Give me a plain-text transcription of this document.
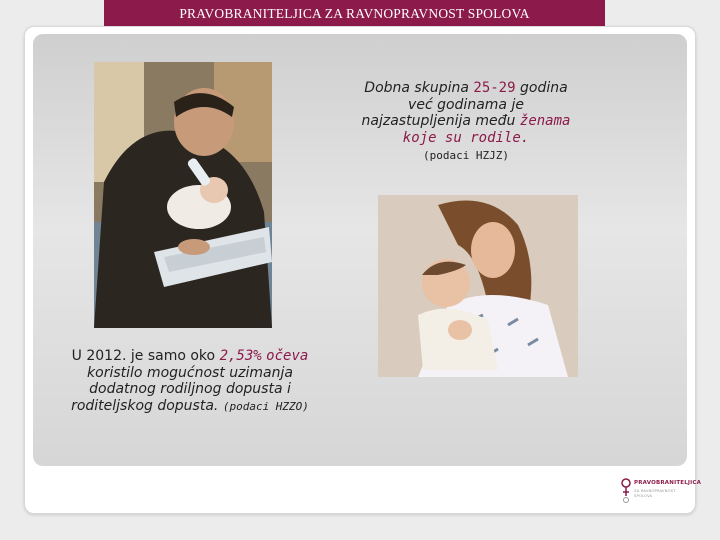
PRAVOBRANITELJICA ZA RAVNOPRAVNOST SPOLOVA
Dobna skupina 25-29 godina već godinama je najzastupljenija među ženama koje su rodile.
(podaci HZJZ)
U 2012. je samo oko 2,53% očeva koristilo mogućnost uzimanja dodatnog rodiljnog dopusta i roditeljskog dopusta. (podaci HZZO)
PRAVOBRANITELJICA
ZA RAVNOPRAVNOST SPOLOVA
